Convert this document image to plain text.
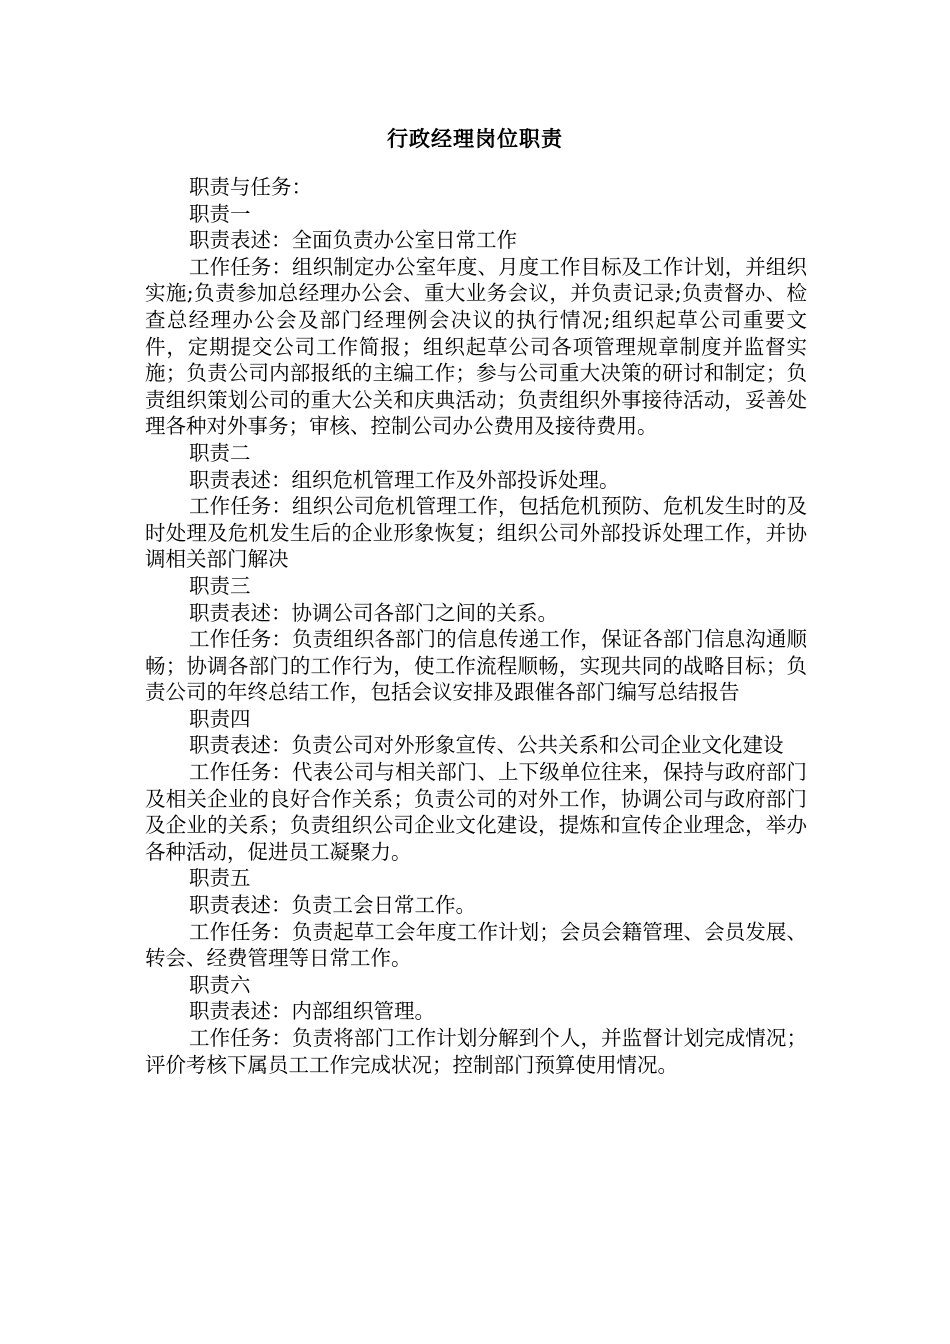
行政经理岗位职责

职责与任务：

职责一

职责表述：全面负责办公室日常工作

工作任务：组织制定办公室年度、月度工作目标及工作计划，并组织实施;负责参加总经理办公会、重大业务会议，并负责记录;负责督办、检查总经理办公会及部门经理例会决议的执行情况;组织起草公司重要文件，定期提交公司工作简报；组织起草公司各项管理规章制度并监督实施；负责公司内部报纸的主编工作；参与公司重大决策的研讨和制定；负责组织策划公司的重大公关和庆典活动；负责组织外事接待活动，妥善处理各种对外事务；审核、控制公司办公费用及接待费用。

职责二

职责表述：组织危机管理工作及外部投诉处理。

工作任务：组织公司危机管理工作，包括危机预防、危机发生时的及时处理及危机发生后的企业形象恢复；组织公司外部投诉处理工作，并协调相关部门解决

职责三

职责表述：协调公司各部门之间的关系。

工作任务：负责组织各部门的信息传递工作，保证各部门信息沟通顺畅；协调各部门的工作行为，使工作流程顺畅，实现共同的战略目标；负责公司的年终总结工作，包括会议安排及跟催各部门编写总结报告

职责四

职责表述：负责公司对外形象宣传、公共关系和公司企业文化建设

工作任务：代表公司与相关部门、上下级单位往来，保持与政府部门及相关企业的良好合作关系；负责公司的对外工作，协调公司与政府部门及企业的关系；负责组织公司企业文化建设，提炼和宣传企业理念，举办各种活动，促进员工凝聚力。

职责五

职责表述：负责工会日常工作。

工作任务：负责起草工会年度工作计划；会员会籍管理、会员发展、转会、经费管理等日常工作。

职责六

职责表述：内部组织管理。

工作任务：负责将部门工作计划分解到个人，并监督计划完成情况；评价考核下属员工工作完成状况；控制部门预算使用情况。
